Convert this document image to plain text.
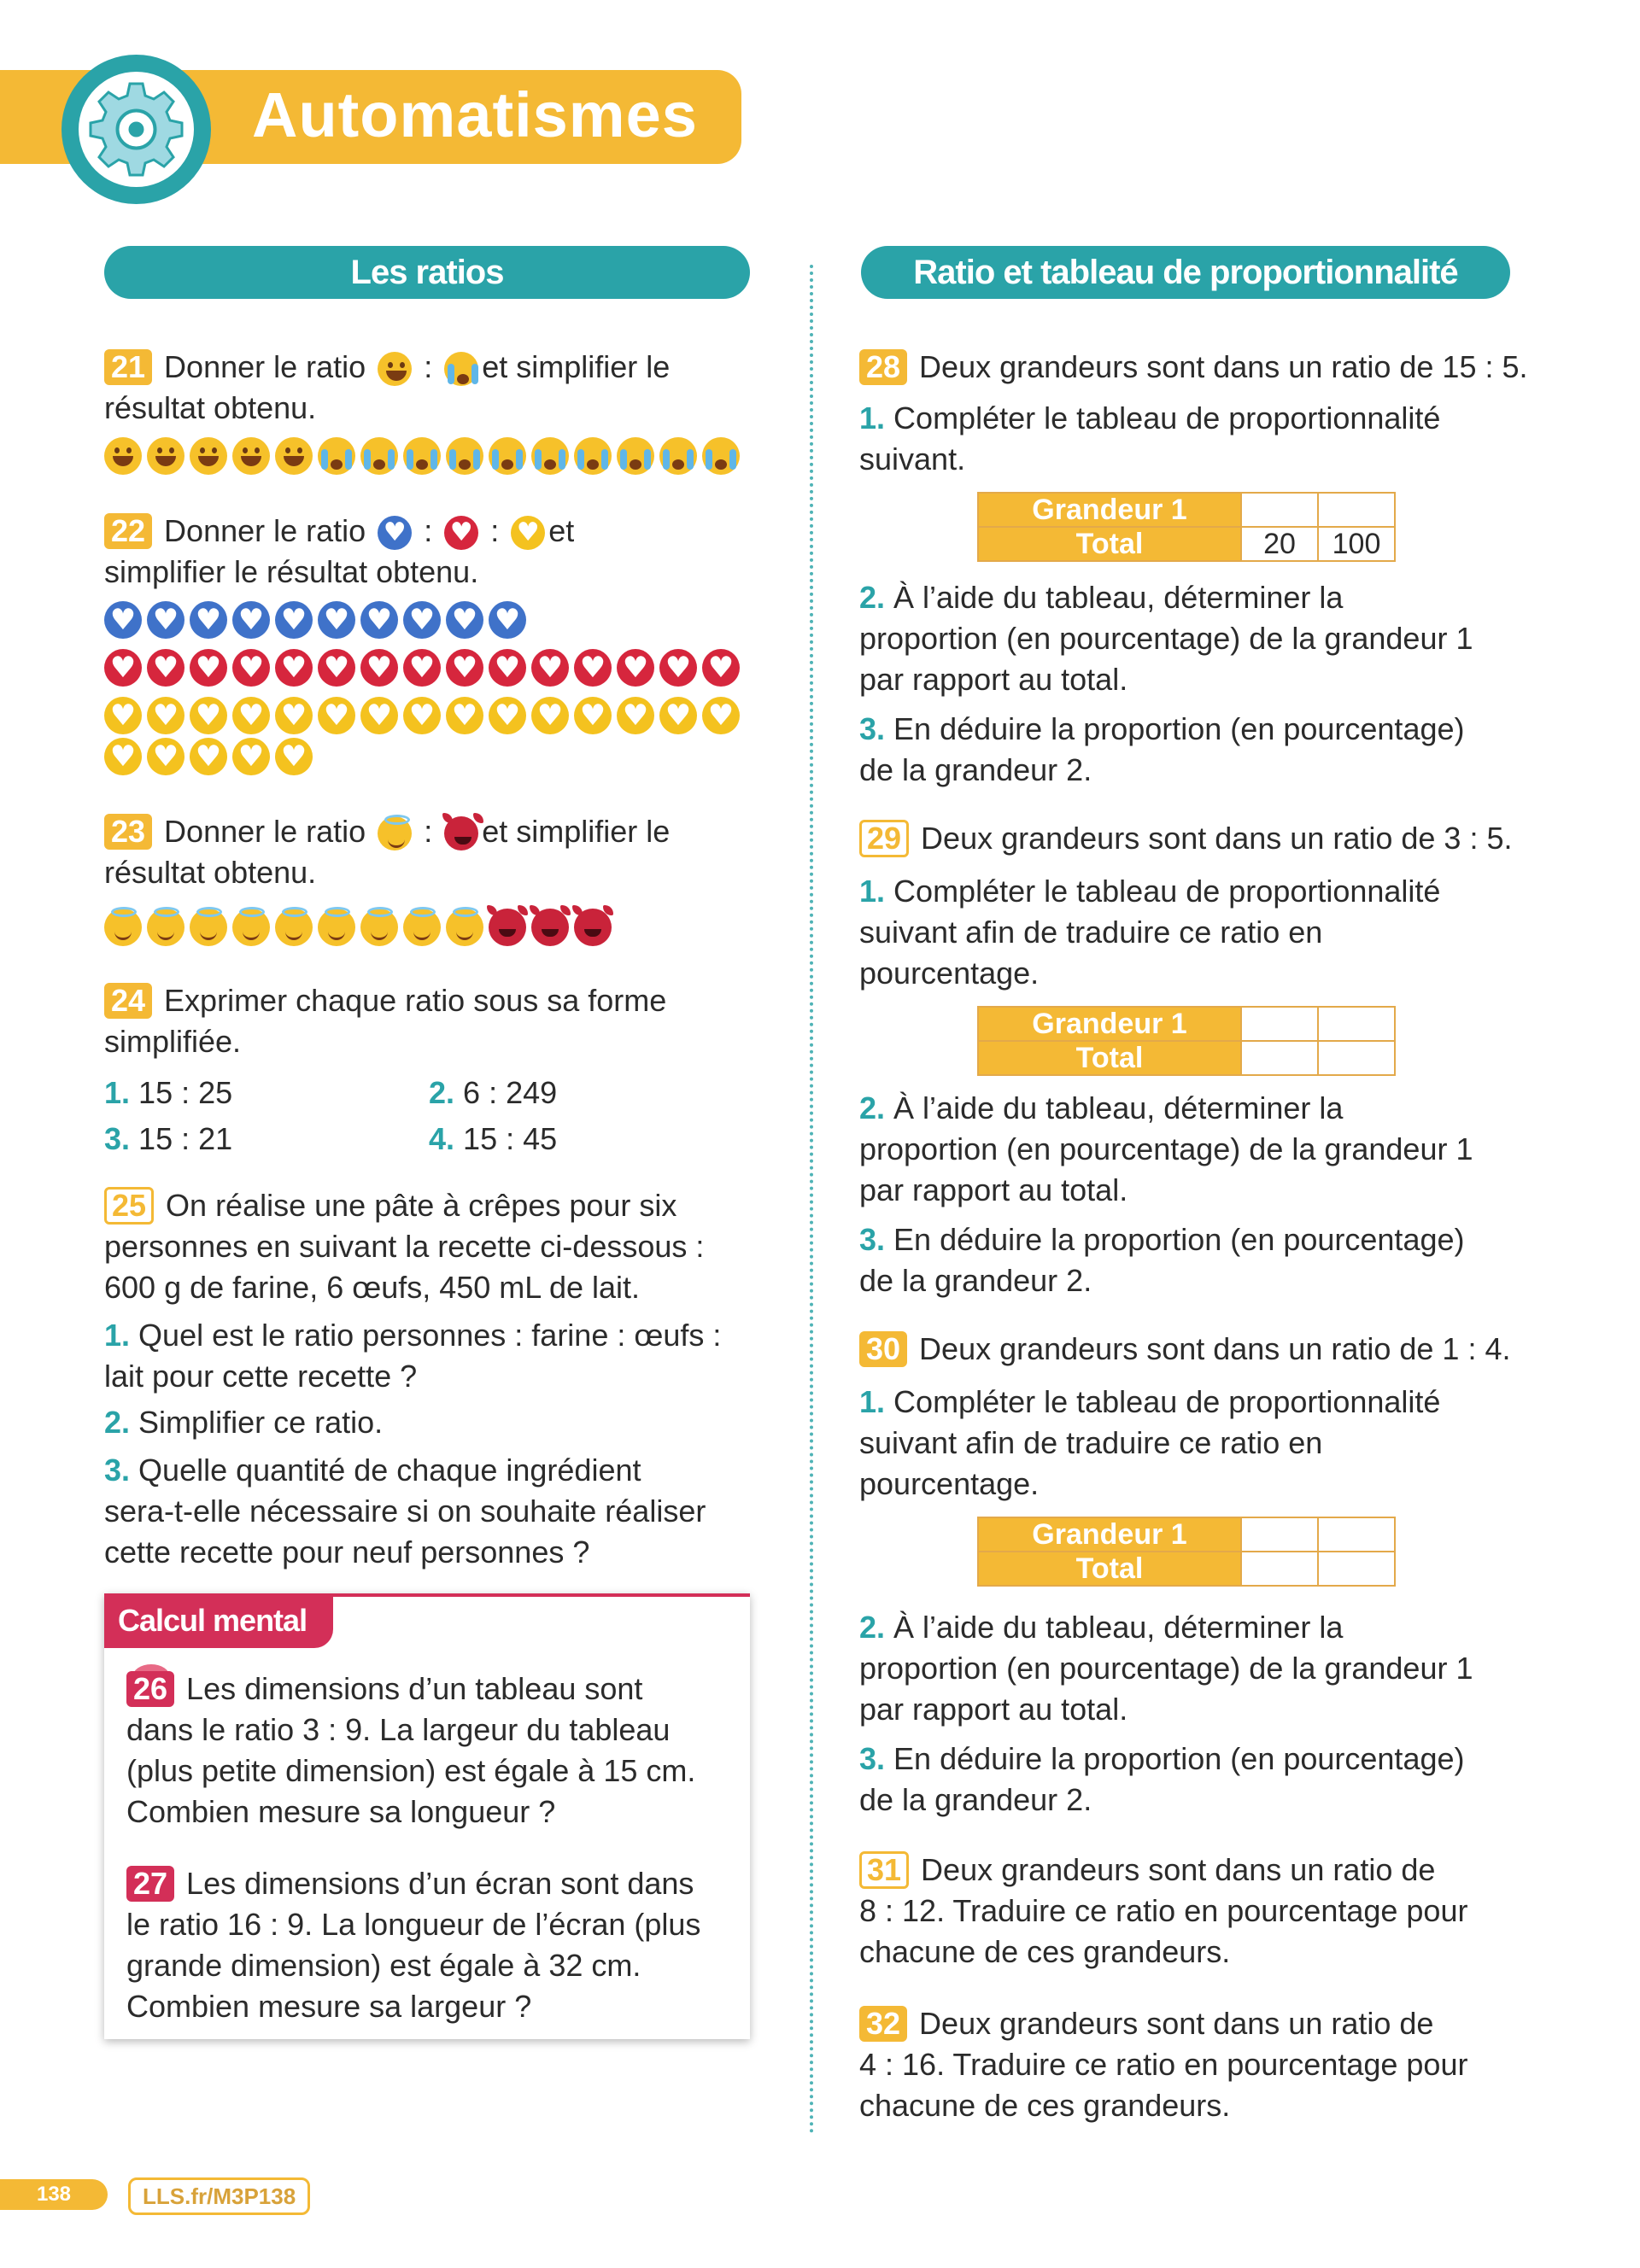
Automatismes
Les ratios	Ratio et tableau de proportionnalité
21 Donner le ratio  : et simplifier le
résultat obtenu.
22 Donner le ratio ♥ : ♥ : ♥et
simplifier le résultat obtenu.
♥
♥
♥
♥
♥
♥
♥
♥
♥
♥
♥
♥
♥
♥
♥
♥
♥
♥
♥
♥
♥
♥
♥
♥
♥
♥
♥
♥
♥
♥
♥
♥
♥
♥
♥
♥
♥
♥
♥
♥
♥
♥
♥
♥
♥
23 Donner le ratio  : et simplifier le
résultat obtenu.
24 Exprimer chaque ratio sous sa forme
simplifiée.
1. 15 : 25	2. 6 : 249
3. 15 : 21	4. 15 : 45
25 On réalise une pâte à crêpes pour six
personnes en suivant la recette ci-dessous :
600 g de farine, 6 œufs, 450 mL de lait.
1. Quel est le ratio personnes : farine : œufs :
lait pour cette recette ?
2. Simplifier ce ratio.
3. Quelle quantité de chaque ingrédient
sera-t-elle nécessaire si on souhaite réaliser
cette recette pour neuf personnes ?
Calcul mental
26 Les dimensions d’un tableau sont
dans le ratio 3 : 9. La largeur du tableau
(plus petite dimension) est égale à 15 cm.
Combien mesure sa longueur ?
27 Les dimensions d’un écran sont dans
le ratio 16 : 9. La longueur de l’écran (plus
grande dimension) est égale à 32 cm.
Combien mesure sa largeur ?
28 Deux grandeurs sont dans un ratio de 15 : 5.
1. Compléter le tableau de proportionnalité
suivant.
Grandeur 1		
Total	20	100
2. À l’aide du tableau, déterminer la
proportion (en pourcentage) de la grandeur 1
par rapport au total.
3. En déduire la proportion (en pourcentage)
de la grandeur 2.
29 Deux grandeurs sont dans un ratio de 3 : 5.
1. Compléter le tableau de proportionnalité
suivant afin de traduire ce ratio en
pourcentage.
Grandeur 1		
Total		
2. À l’aide du tableau, déterminer la
proportion (en pourcentage) de la grandeur 1
par rapport au total.
3. En déduire la proportion (en pourcentage)
de la grandeur 2.
30 Deux grandeurs sont dans un ratio de 1 : 4.
1. Compléter le tableau de proportionnalité
suivant afin de traduire ce ratio en
pourcentage.
Grandeur 1		
Total		
2. À l’aide du tableau, déterminer la
proportion (en pourcentage) de la grandeur 1
par rapport au total.
3. En déduire la proportion (en pourcentage)
de la grandeur 2.
31 Deux grandeurs sont dans un ratio de
8 : 12. Traduire ce ratio en pourcentage pour
chacune de ces grandeurs.
32 Deux grandeurs sont dans un ratio de
4 : 16. Traduire ce ratio en pourcentage pour
chacune de ces grandeurs.
138	LLS.fr/M3P138
